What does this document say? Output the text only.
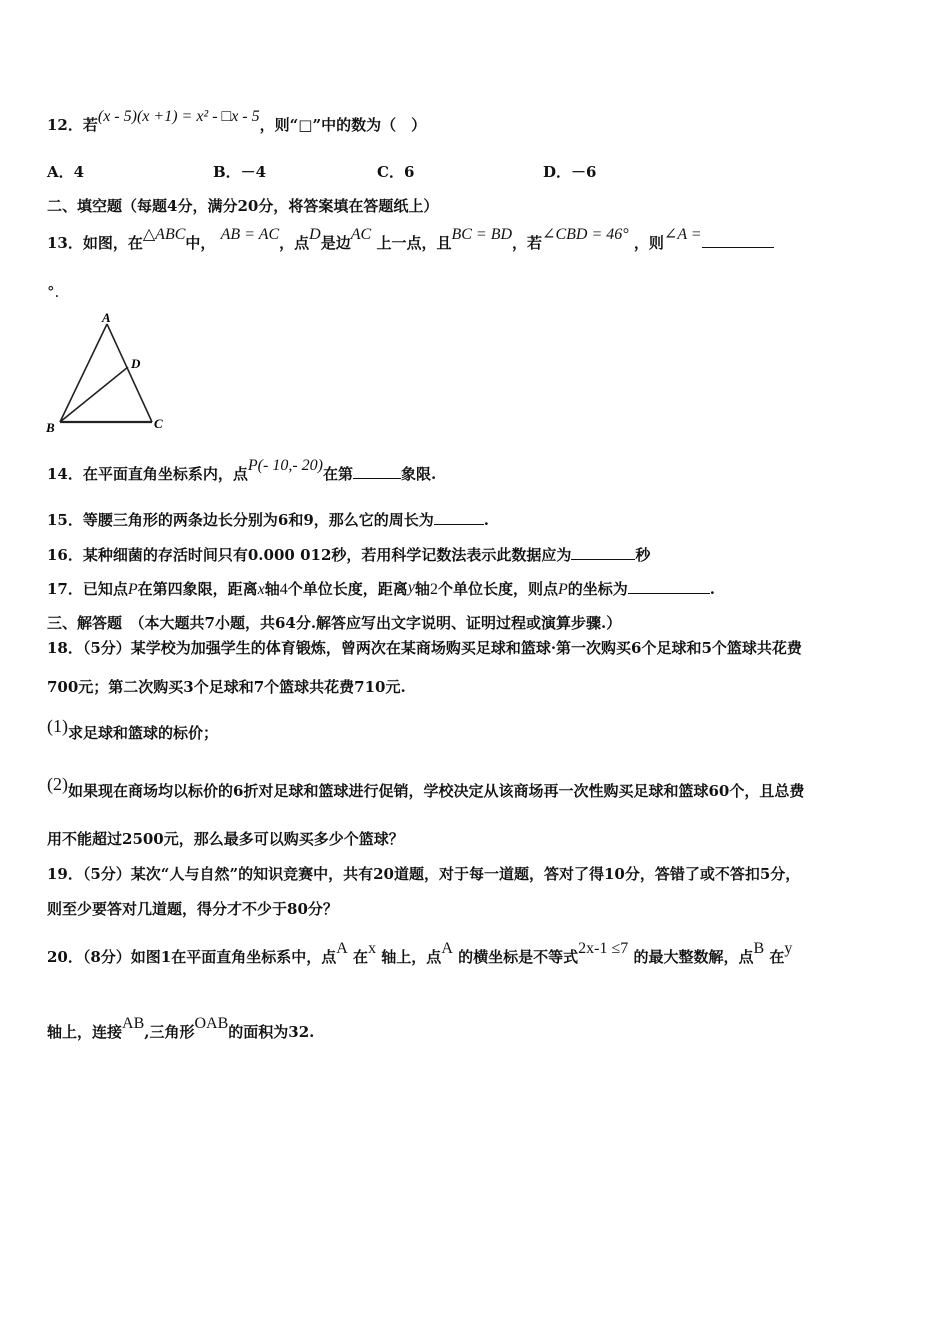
12．若(x - 5)(x +1) = x² - □x - 5，则“□”中的数为（　）
A．4	B．－4	C．6	D．－6
二、填空题（每题4分，满分20分，将答案填在答题纸上）
13．如图，在△ABC中， AB = AC，点D是边AC 上一点，且BC = BD，若∠CBD = 46° ，则∠A =
°.
A
B	C
D
14．在平面直角坐标系内，点P(- 10,- 20)在第	象限.
15．等腰三角形的两条边长分别为6和9，那么它的周长为	.
16．某种细菌的存活时间只有0.000 012秒，若用科学记数法表示此数据应为	秒
17．已知点P在第四象限，距离x轴4个单位长度，距离y轴2个单位长度，则点P的坐标为	.
三、解答题　（本大题共7小题，共64分.解答应写出文字说明、证明过程或演算步骤.）
18．（5分）某学校为加强学生的体育锻炼，曾两次在某商场购买足球和篮球·第一次购买6个足球和5个篮球共花费
700元；第二次购买3个足球和7个篮球共花费710元.
(1)求足球和篮球的标价；
(2)如果现在商场均以标价的6折对足球和篮球进行促销，学校决定从该商场再一次性购买足球和篮球60个，且总费
用不能超过2500元，那么最多可以购买多少个篮球？
19．（5分）某次“人与自然”的知识竞赛中，共有20道题，对于每一道题，答对了得10分，答错了或不答扣5分，
则至少要答对几道题，得分才不少于80分？
20．（8分）如图1在平面直角坐标系中，点A 在x 轴上，点A 的横坐标是不等式2x-1 ≤7 的最大整数解，点B 在y
轴上，连接AB,三角形OAB的面积为32.
